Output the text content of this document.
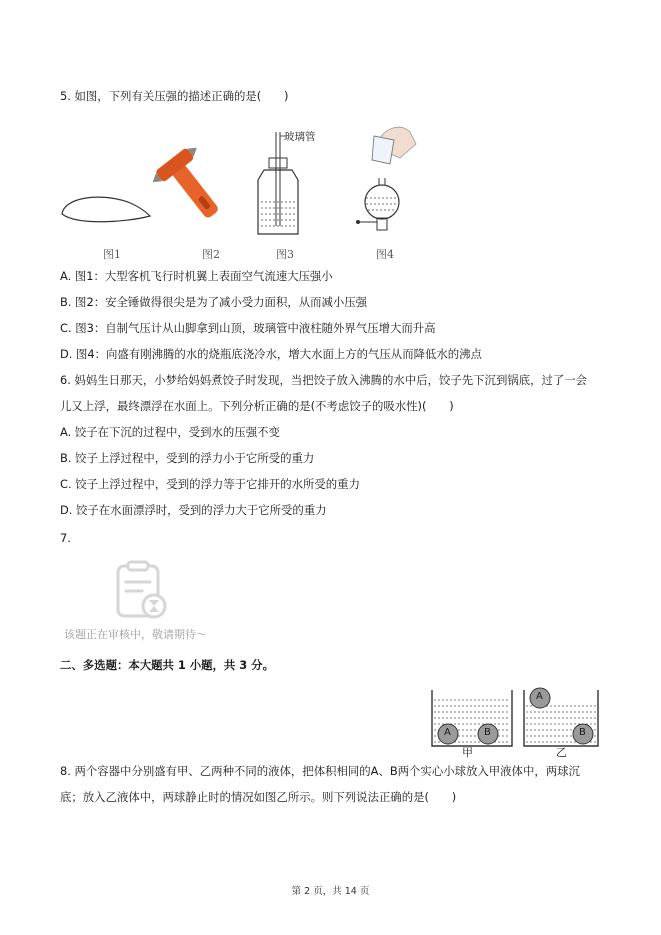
5. 如图，下列有关压强的描述正确的是(　　)
图1	图2
玻璃管
图3	图4
A. 图1：大型客机飞行时机翼上表面空气流速大压强小
B. 图2：安全锤做得很尖是为了减小受力面积，从而减小压强
C. 图3：自制气压计从山脚拿到山顶，玻璃管中液柱随外界气压增大而升高
D. 图4：向盛有刚沸腾的水的烧瓶底浇冷水，增大水面上方的气压从而降低水的沸点
6. 妈妈生日那天，小梦给妈妈煮饺子时发现，当把饺子放入沸腾的水中后，饺子先下沉到锅底，过了一会
儿又上浮，最终漂浮在水面上。下列分析正确的是(不考虑饺子的吸水性)(　　)
A. 饺子在下沉的过程中，受到水的压强不变
B. 饺子上浮过程中，受到的浮力小于它所受的重力
C. 饺子上浮过程中，受到的浮力等于它排开的水所受的重力
D. 饺子在水面漂浮时，受到的浮力大于它所受的重力
7.
该题正在审核中，敬请期待～
二、多选题：本大题共 1 小题，共 3 分。
A	B
A
B
甲	乙
8. 两个容器中分别盛有甲、乙两种不同的液体，把体积相同的A、B两个实心小球放入甲液体中，两球沉
底；放入乙液体中，两球静止时的情况如图乙所示。则下列说法正确的是(　　)
第 2 页，共 14 页
